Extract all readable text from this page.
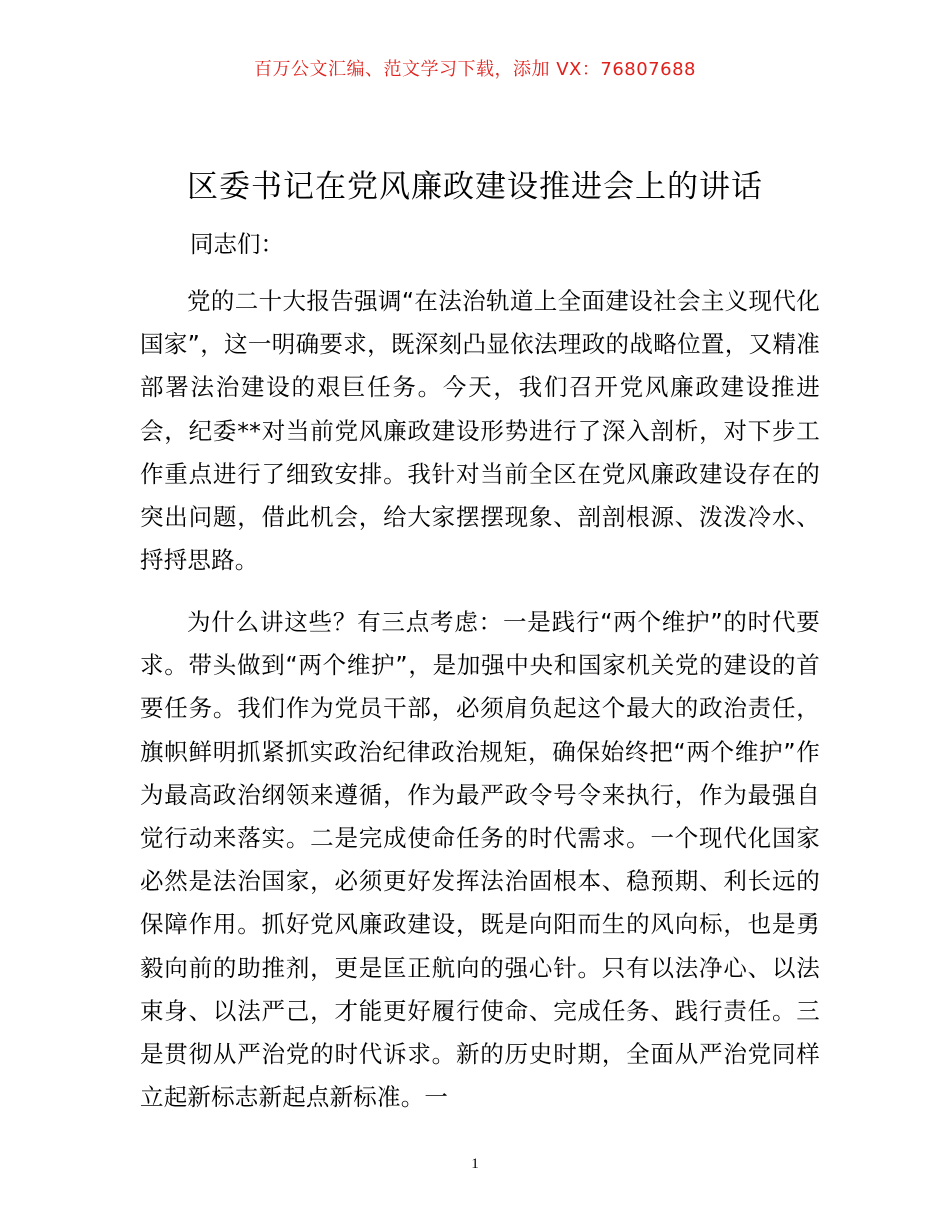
百万公文汇编、范文学习下载，添加 VX：76807688
区委书记在党风廉政建设推进会上的讲话
同志们：

党的二十大报告强调“在法治轨道上全面建设社会主义现代化国家”，这一明确要求，既深刻凸显依法理政的战略位置，又精准部署法治建设的艰巨任务。今天，我们召开党风廉政建设推进会，纪委**对当前党风廉政建设形势进行了深入剖析，对下步工作重点进行了细致安排。我针对当前全区在党风廉政建设存在的突出问题，借此机会，给大家摆摆现象、剖剖根源、泼泼冷水、捋捋思路。

为什么讲这些？有三点考虑：一是践行“两个维护”的时代要求。带头做到“两个维护”，是加强中央和国家机关党的建设的首要任务。我们作为党员干部，必须肩负起这个最大的政治责任，旗帜鲜明抓紧抓实政治纪律政治规矩，确保始终把“两个维护”作为最高政治纲领来遵循，作为最严政令号令来执行，作为最强自觉行动来落实。二是完成使命任务的时代需求。一个现代化国家必然是法治国家，必须更好发挥法治固根本、稳预期、利长远的保障作用。抓好党风廉政建设，既是向阳而生的风向标，也是勇毅向前的助推剂，更是匡正航向的强心针。只有以法净心、以法束身、以法严己，才能更好履行使命、完成任务、践行责任。三是贯彻从严治党的时代诉求。新的历史时期，全面从严治党同样立起新标志新起点新标准。一

1
